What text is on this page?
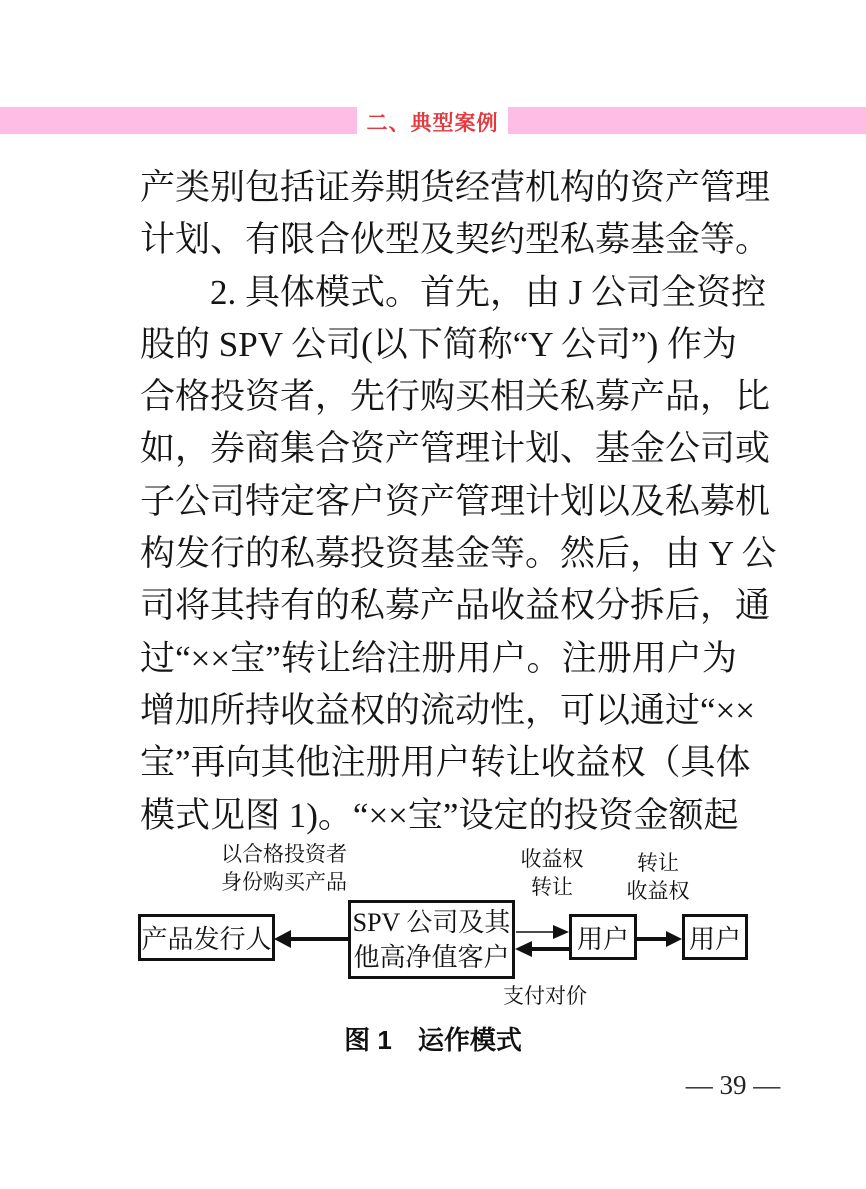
二、典型案例
产类别包括证券期货经营机构的资产管理
计划、有限合伙型及契约型私募基金等。
2. 具体模式。首先，由 J 公司全资控
股的 SPV 公司(以下简称“Y 公司”) 作为
合格投资者，先行购买相关私募产品，比
如，券商集合资产管理计划、基金公司或
子公司特定客户资产管理计划以及私募机
构发行的私募投资基金等。然后，由 Y 公
司将其持有的私募产品收益权分拆后，通
过“××宝”转让给注册用户。注册用户为
增加所持收益权的流动性，可以通过“××
宝”再向其他注册用户转让收益权（具体
模式见图 1)。“××宝”设定的投资金额起
以合格投资者
身份购买产品
收益权
转让
转让
收益权
支付对价
产品发行人
SPV 公司及其
他高净值客户
用户 用户
图 1　运作模式
— 39 —
